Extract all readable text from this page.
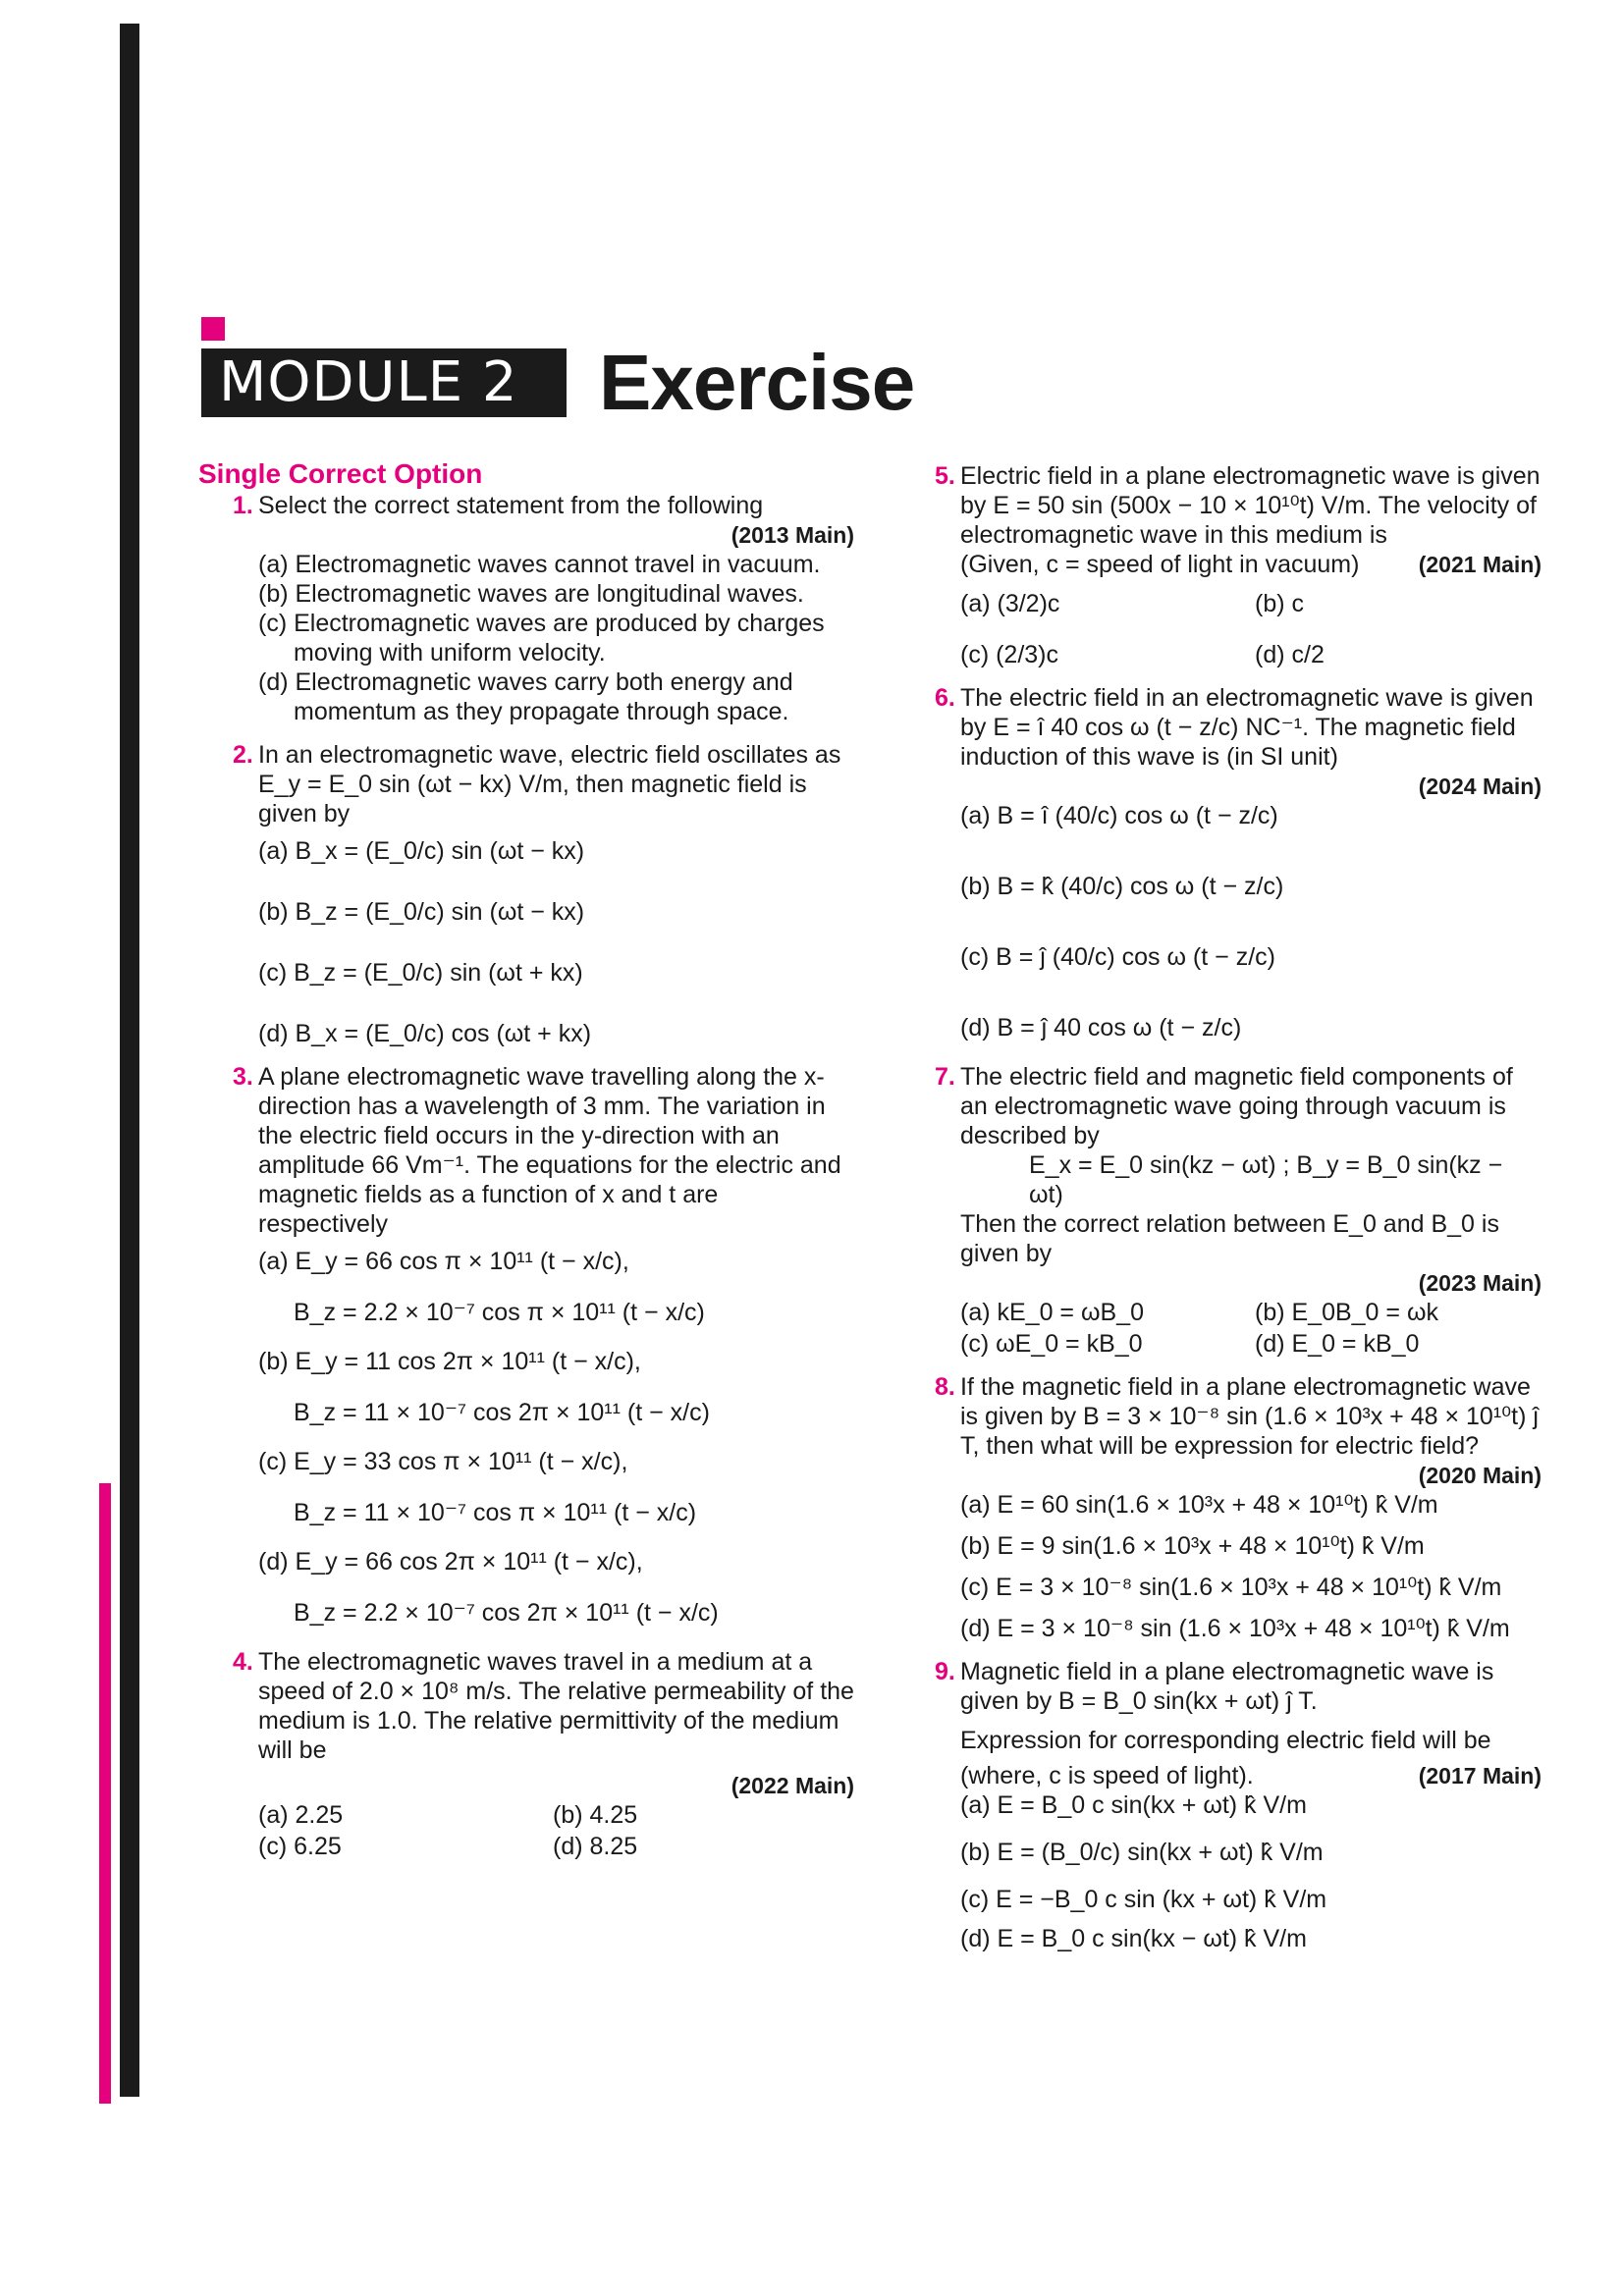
MODULE 2	Exercise
Single Correct Option
1. Select the correct statement from the following
(2013 Main)
(a) Electromagnetic waves cannot travel in vacuum.
(b) Electromagnetic waves are longitudinal waves.
(c) Electromagnetic waves are produced by charges
moving with uniform velocity.
(d) Electromagnetic waves carry both energy and
momentum as they propagate through space.
2. In an electromagnetic wave, electric field oscillates as E_y = E_0 sin (ωt − kx) V/m, then magnetic field is given by
(a) B_x = (E_0/c) sin (ωt − kx)
(b) B_z = (E_0/c) sin (ωt − kx)
(c) B_z = (E_0/c) sin (ωt + kx)
(d) B_x = (E_0/c) cos (ωt + kx)
3. A plane electromagnetic wave travelling along the x-direction has a wavelength of 3 mm. The variation in the electric field occurs in the y-direction with an amplitude 66 Vm⁻¹. The equations for the electric and magnetic fields as a function of x and t are respectively
(a) E_y = 66 cos π × 10¹¹ (t − x/c),
B_z = 2.2 × 10⁻⁷ cos π × 10¹¹ (t − x/c)
(b) E_y = 11 cos 2π × 10¹¹ (t − x/c),
B_z = 11 × 10⁻⁷ cos 2π × 10¹¹ (t − x/c)
(c) E_y = 33 cos π × 10¹¹ (t − x/c),
B_z = 11 × 10⁻⁷ cos π × 10¹¹ (t − x/c)
(d) E_y = 66 cos 2π × 10¹¹ (t − x/c),
B_z = 2.2 × 10⁻⁷ cos 2π × 10¹¹ (t − x/c)
4. The electromagnetic waves travel in a medium at a speed of 2.0 × 10⁸ m/s. The relative permeability of the medium is 1.0. The relative permittivity of the medium will be
(2022 Main)
(a) 2.25	(b) 4.25
(c) 6.25	(d) 8.25
5. Electric field in a plane electromagnetic wave is given by E = 50 sin (500x − 10 × 10¹⁰t) V/m. The velocity of electromagnetic wave in this medium is
(Given, c = speed of light in vacuum)	(2021 Main)
(a) (3/2)c	(b) c
(c) (2/3)c	(d) c/2
6. The electric field in an electromagnetic wave is given by E = î 40 cos ω (t − z/c) NC⁻¹. The magnetic field induction of this wave is (in SI unit)
(2024 Main)
(a) B = î (40/c) cos ω (t − z/c)
(b) B = k̂ (40/c) cos ω (t − z/c)
(c) B = ĵ (40/c) cos ω (t − z/c)
(d) B = ĵ 40 cos ω (t − z/c)
7. The electric field and magnetic field components of an electromagnetic wave going through vacuum is described by
E_x = E_0 sin(kz − ωt) ; B_y = B_0 sin(kz − ωt)
Then the correct relation between E_0 and B_0 is given by
(2023 Main)
(a) kE_0 = ωB_0	(b) E_0B_0 = ωk
(c) ωE_0 = kB_0	(d) E_0 = kB_0
8. If the magnetic field in a plane electromagnetic wave is given by B = 3 × 10⁻⁸ sin (1.6 × 10³x + 48 × 10¹⁰t) ĵ T, then what will be expression for electric field?
(2020 Main)
(a) E = 60 sin(1.6 × 10³x + 48 × 10¹⁰t) k̂ V/m
(b) E = 9 sin(1.6 × 10³x + 48 × 10¹⁰t) k̂ V/m
(c) E = 3 × 10⁻⁸ sin(1.6 × 10³x + 48 × 10¹⁰t) k̂ V/m
(d) E = 3 × 10⁻⁸ sin (1.6 × 10³x + 48 × 10¹⁰t) k̂ V/m
9. Magnetic field in a plane electromagnetic wave is given by B = B_0 sin(kx + ωt) ĵ T.
Expression for corresponding electric field will be
(where, c is speed of light).	(2017 Main)
(a) E = B_0 c sin(kx + ωt) k̂ V/m
(b) E = (B_0/c) sin(kx + ωt) k̂ V/m
(c) E = −B_0 c sin (kx + ωt) k̂ V/m
(d) E = B_0 c sin(kx − ωt) k̂ V/m
